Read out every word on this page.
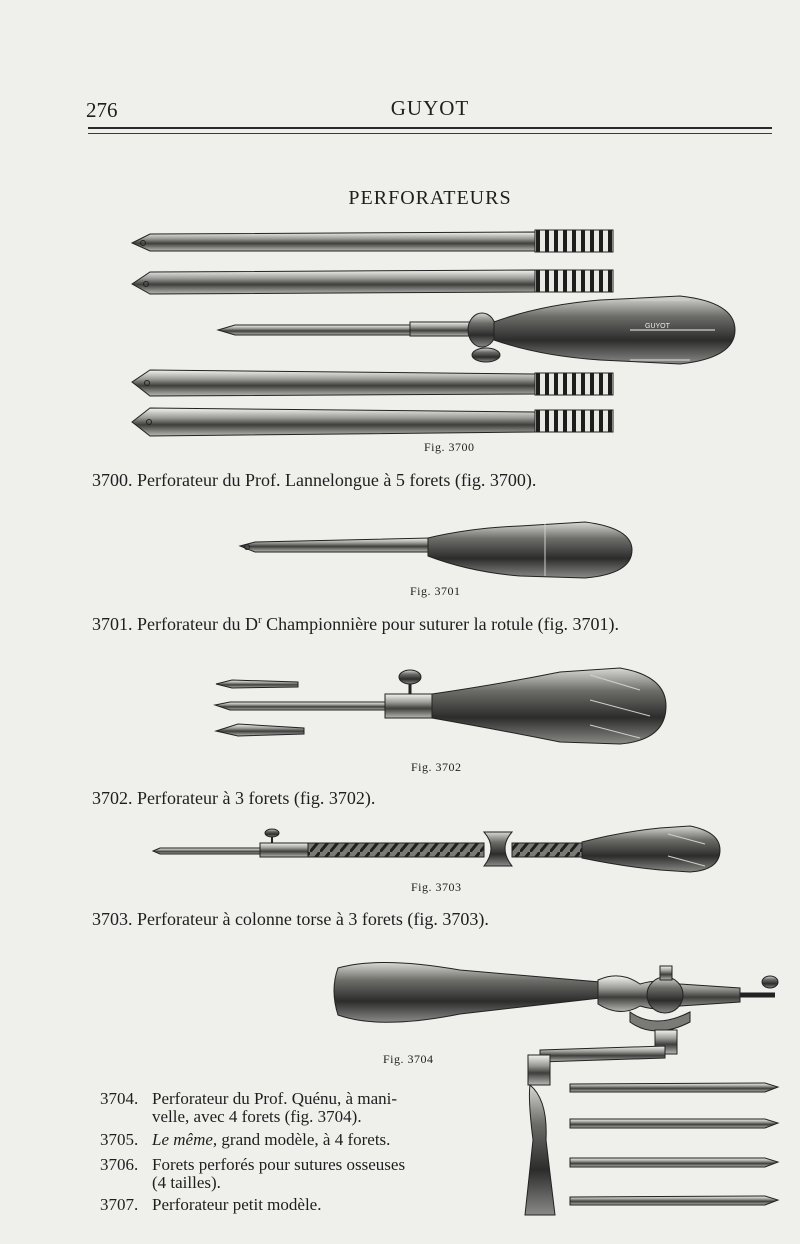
276	GUYOT
PERFORATEURS
GUYOT
Fig. 3700
Fig. 3701
Fig. 3702
Fig. 3703
Fig. 3704
3700. Perforateur du Prof. Lannelongue à 5 forets (fig. 3700).
3701. Perforateur du $D^r$ Championnière pour suturer la rotule (fig. 3701).
3702. Perforateur à 3 forets (fig. 3702).
3703. Perforateur à colonne torse à 3 forets (fig. 3703).
3704. Perforateur du Prof. Quénu, à mani-
velle, avec 4 forets (fig. 3704).
3705. Le même, grand modèle, à 4 forets.
3706. Forets perforés pour sutures osseuses
(4 tailles).
3707. Perforateur petit modèle.
